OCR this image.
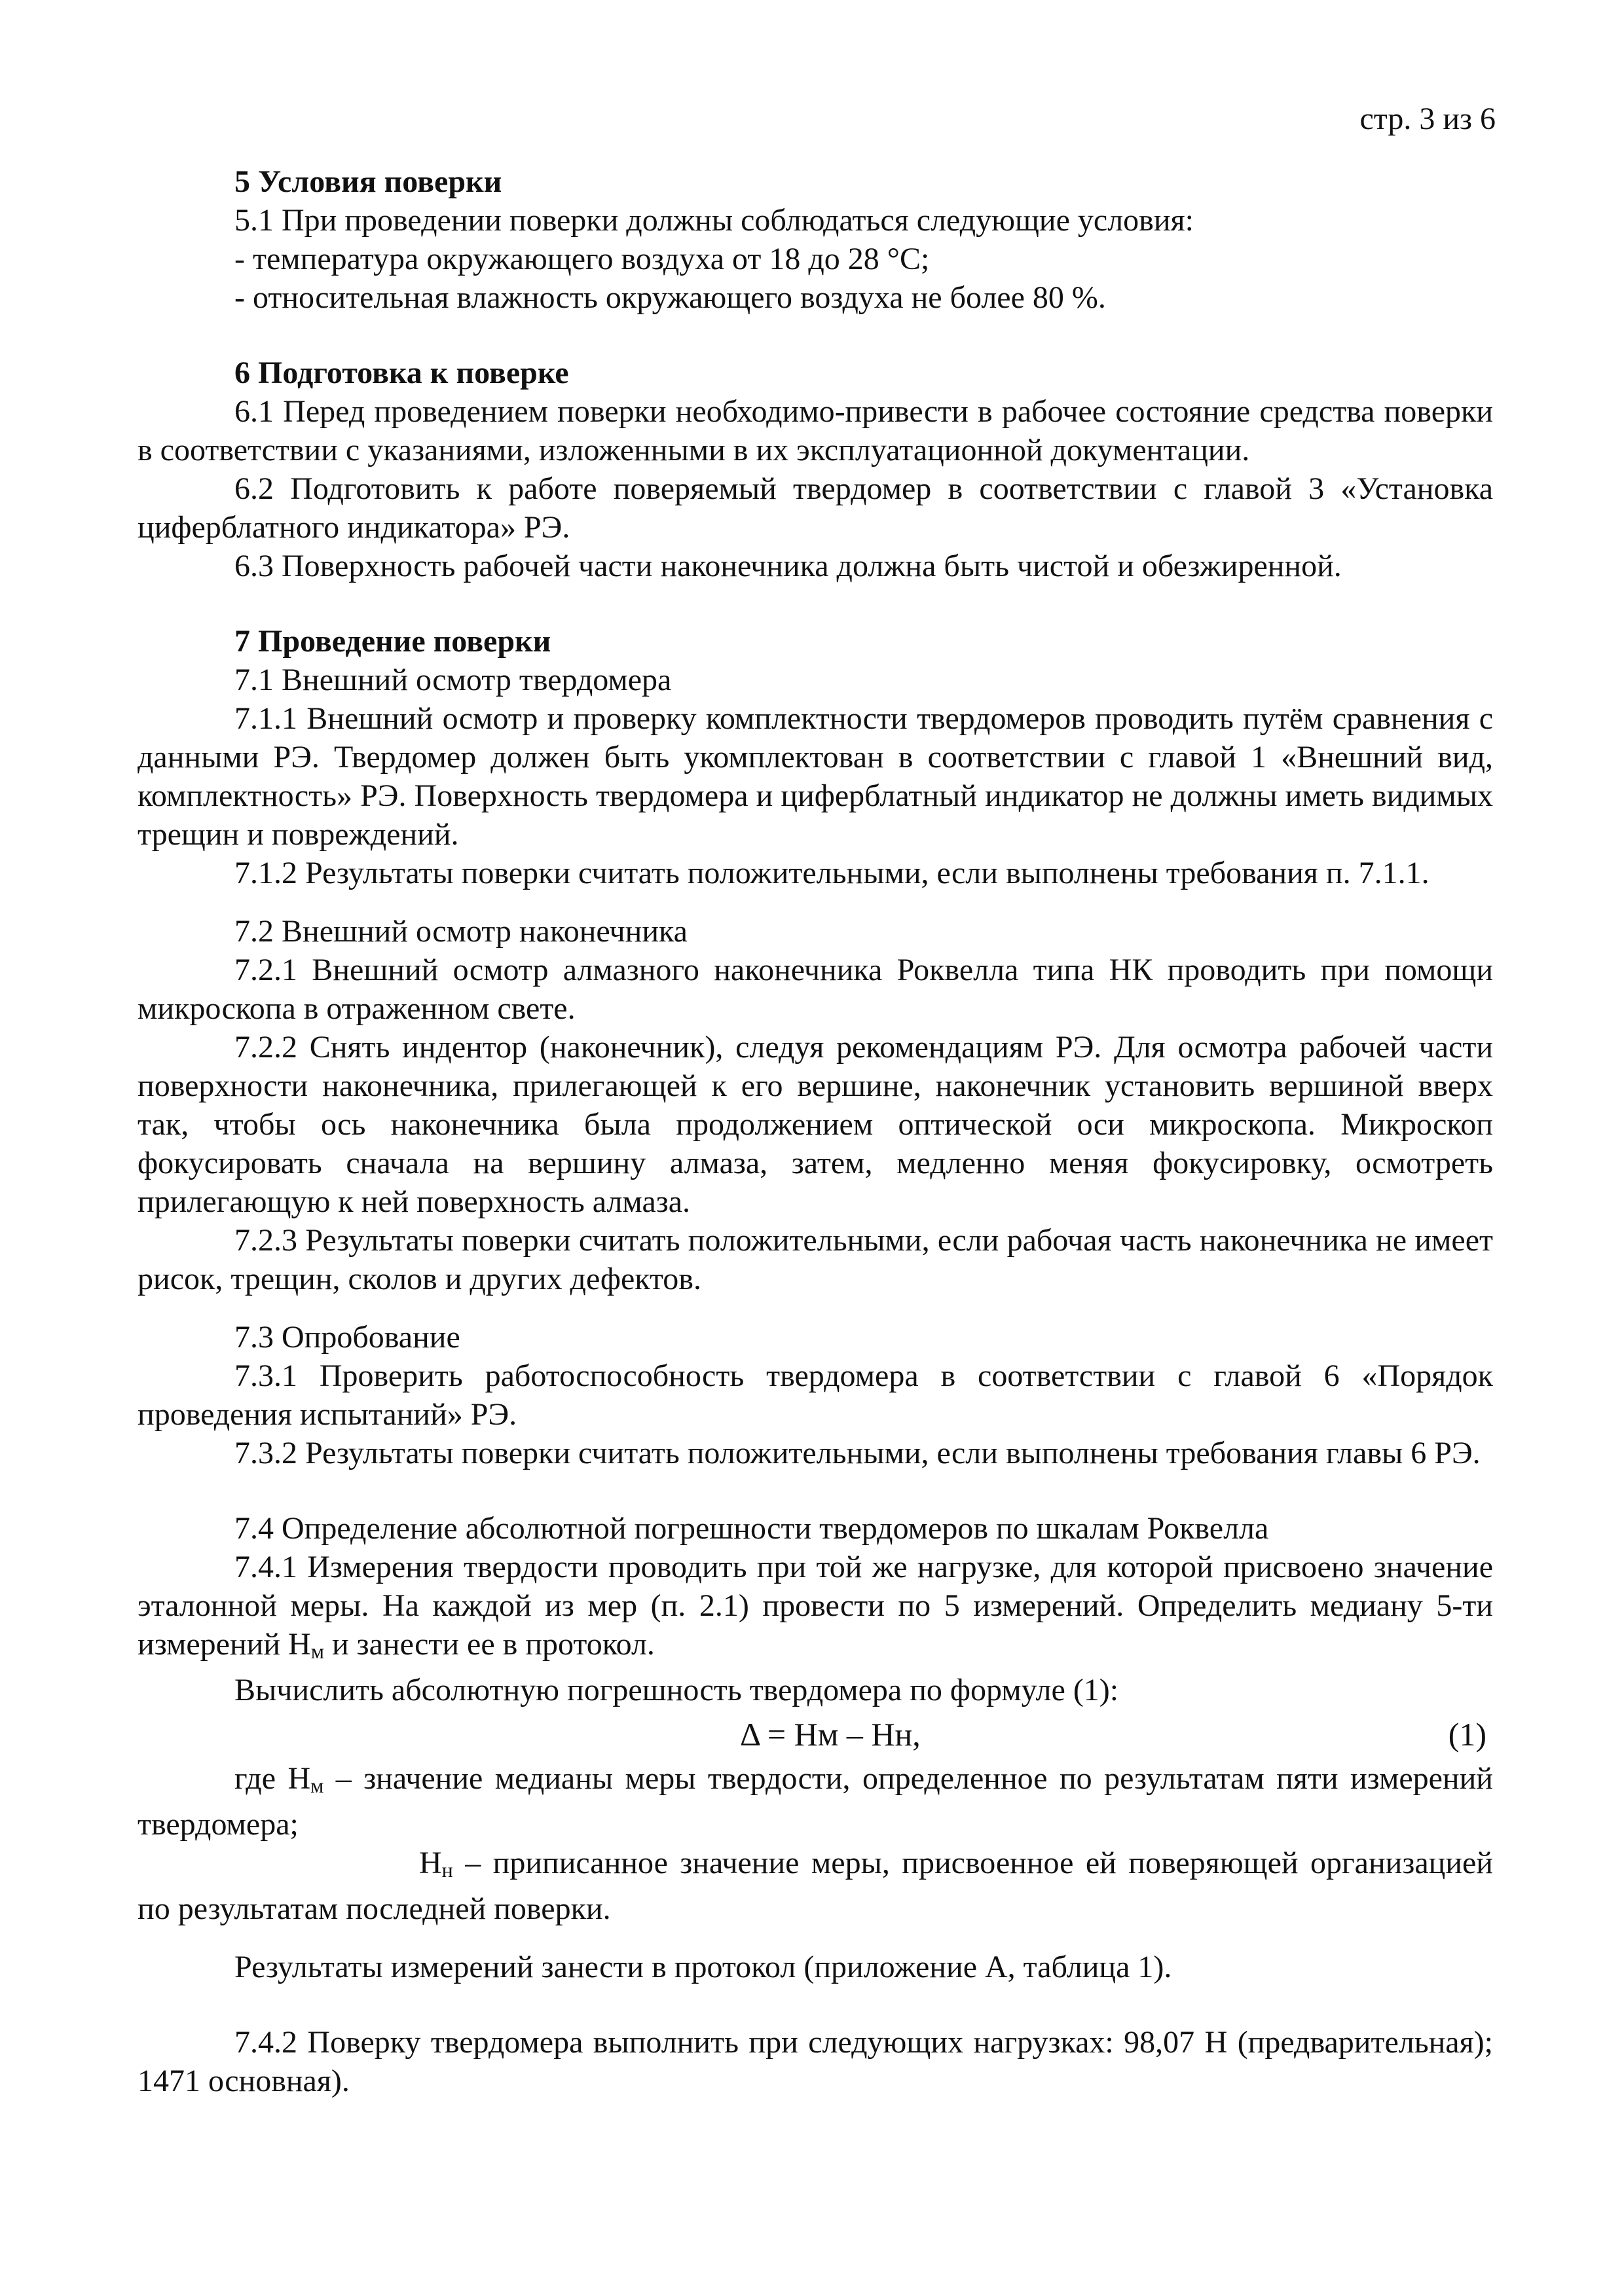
стр. 3 из 6
5 Условия поверки
5.1 При проведении поверки должны соблюдаться следующие условия:
- температура окружающего воздуха от 18 до 28 °С;
- относительная влажность окружающего воздуха не более 80 %.
6 Подготовка к поверке
6.1 Перед проведением поверки необходимо-привести в рабочее состояние средства поверки в соответствии с указаниями, изложенными в их эксплуатационной документации.
6.2 Подготовить к работе поверяемый твердомер в соответствии с главой 3 «Установка циферблатного индикатора» РЭ.
6.3 Поверхность рабочей части наконечника должна быть чистой и обезжиренной.
7 Проведение поверки
7.1 Внешний осмотр твердомера
7.1.1 Внешний осмотр и проверку комплектности твердомеров проводить путём сравнения с данными РЭ. Твердомер должен быть укомплектован в соответствии с главой 1 «Внешний вид, комплектность» РЭ. Поверхность твердомера и циферблатный индикатор не должны иметь видимых трещин и повреждений.
7.1.2 Результаты поверки считать положительными, если выполнены требования п. 7.1.1.
7.2 Внешний осмотр наконечника
7.2.1 Внешний осмотр алмазного наконечника Роквелла типа НК проводить при помощи микроскопа в отраженном свете.
7.2.2 Снять индентор (наконечник), следуя рекомендациям РЭ. Для осмотра рабочей части поверхности наконечника, прилегающей к его вершине, наконечник установить вершиной вверх так, чтобы ось наконечника была продолжением оптической оси микроскопа. Микроскоп фокусировать сначала на вершину алмаза, затем, медленно меняя фокусировку, осмотреть прилегающую к ней поверхность алмаза.
7.2.3 Результаты поверки считать положительными, если рабочая часть наконечника не имеет рисок, трещин, сколов и других дефектов.
7.3 Опробование
7.3.1 Проверить работоспособность твердомера в соответствии с главой 6 «Порядок проведения испытаний» РЭ.
7.3.2 Результаты поверки считать положительными, если выполнены требования главы 6 РЭ.
7.4 Определение абсолютной погрешности твердомеров по шкалам Роквелла
7.4.1 Измерения твердости проводить при той же нагрузке, для которой присвоено значение эталонной меры. На каждой из мер (п. 2.1) провести по 5 измерений. Определить медиану 5-ти измерений Нм и занести ее в протокол.
Вычислить абсолютную погрешность твердомера по формуле (1):
Δ = Нм – Нн,	(1)
где Нм – значение медианы меры твердости, определенное по результатам пяти измерений твердомера;
Нн – приписанное значение меры, присвоенное ей поверяющей организацией по результатам последней поверки.
Результаты измерений занести в протокол (приложение А, таблица 1).
7.4.2 Поверку твердомера выполнить при следующих нагрузках: 98,07 Н (предварительная); 1471 основная).
